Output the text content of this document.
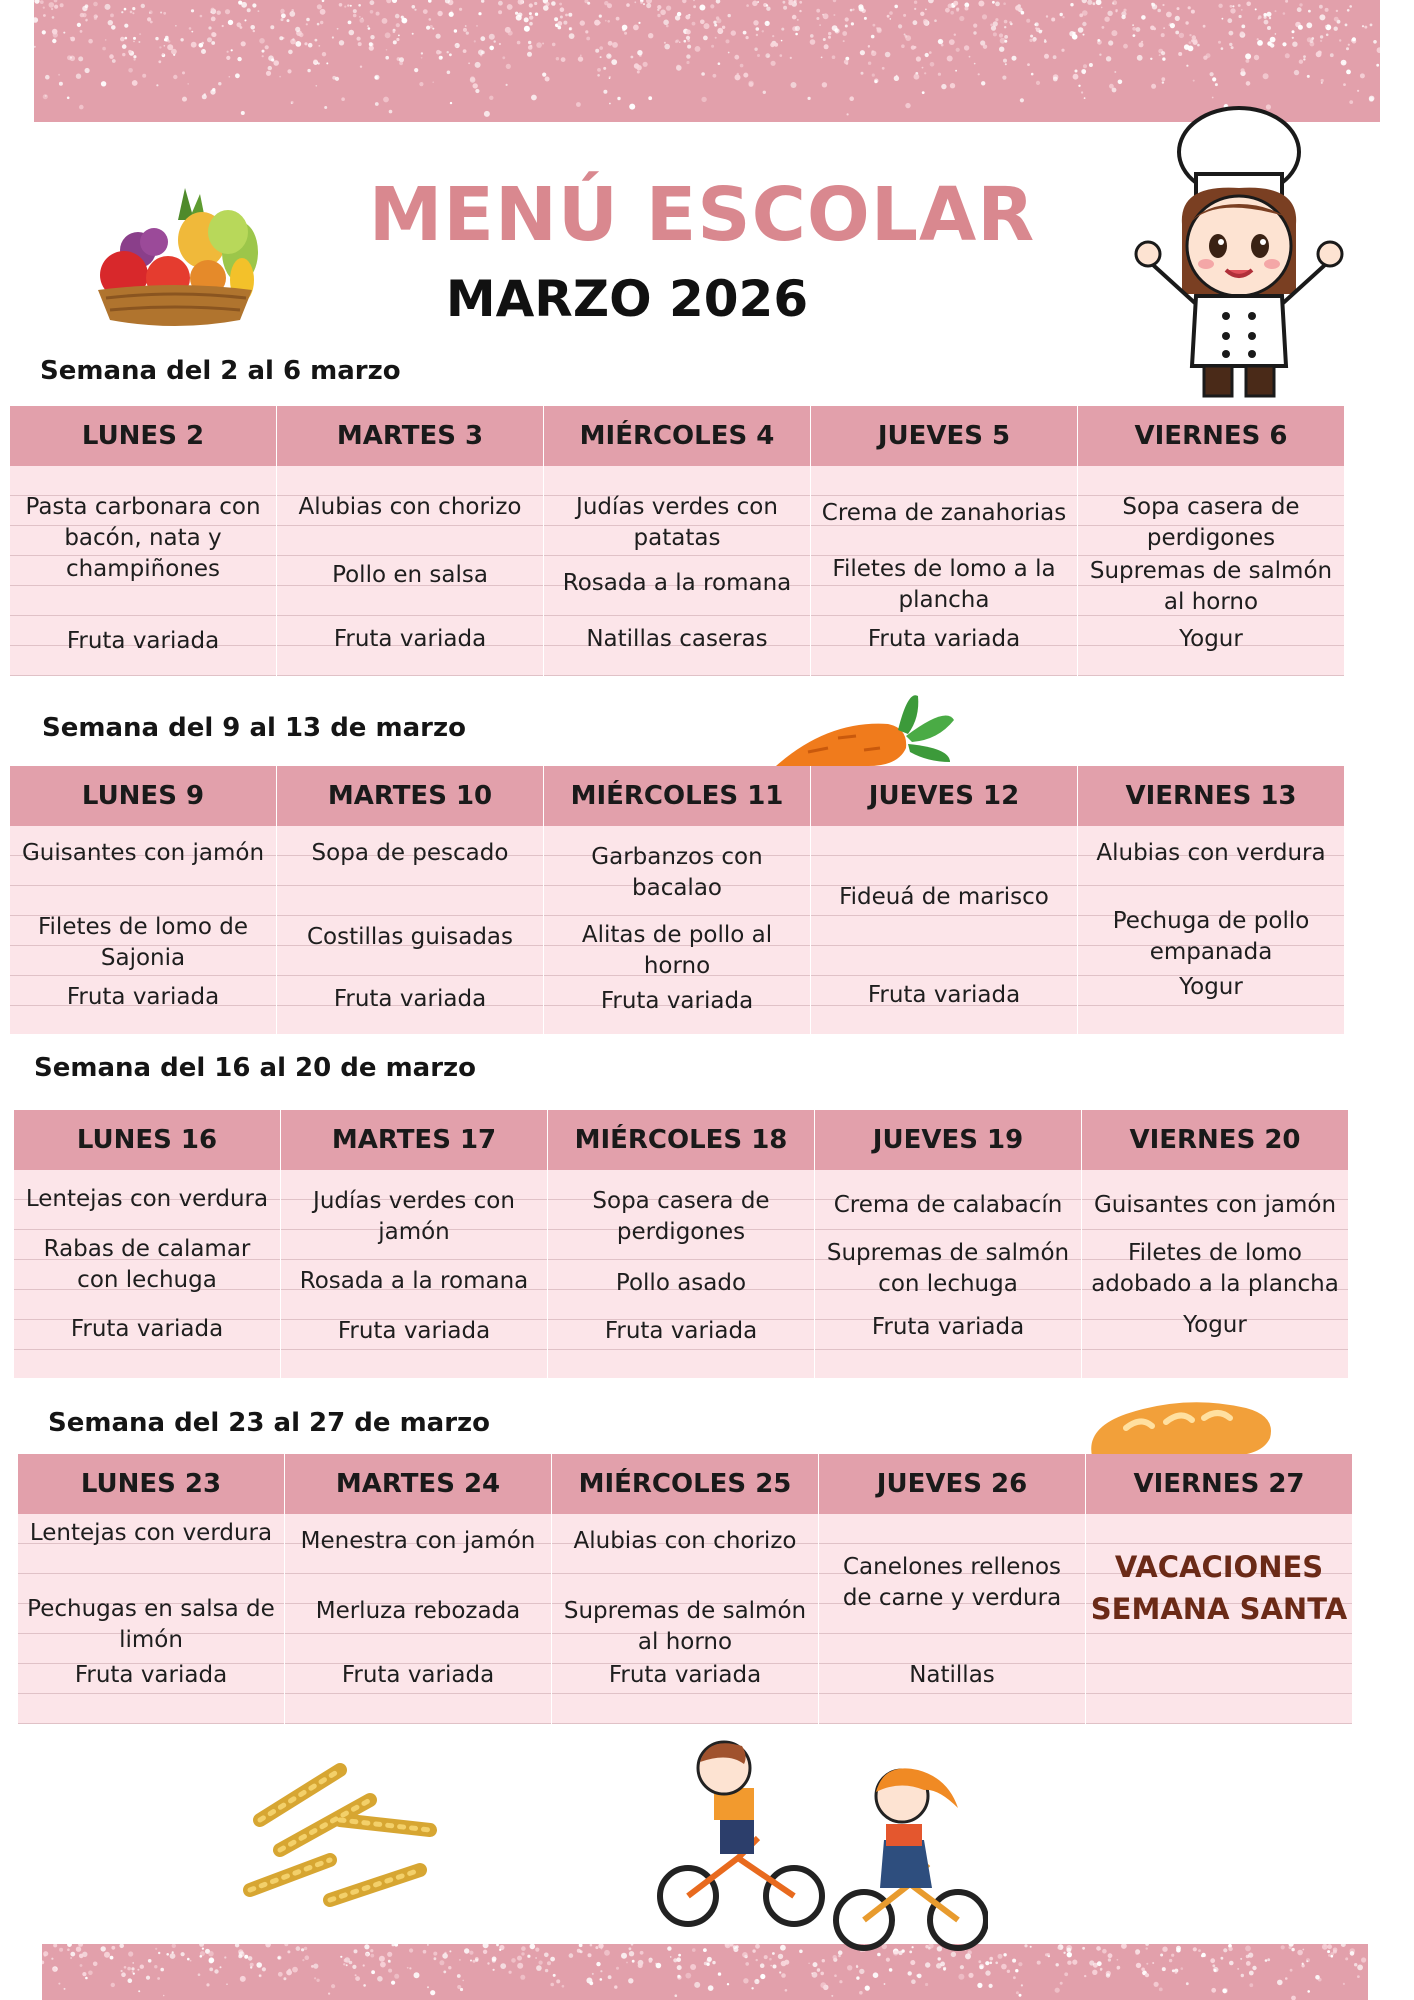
MENÚ ESCOLAR
MARZO 2026
Semana del 2 al 6 marzo
LUNES 2
Pasta carbonara con bacón, nata y champiñones
Fruta variada
MARTES 3
Alubias con chorizo
Pollo en salsa
Fruta variada
MIÉRCOLES 4
Judías verdes con patatas
Rosada a la romana
Natillas caseras
JUEVES 5
Crema de zanahorias
Filetes de lomo a la plancha
Fruta variada
VIERNES 6
Sopa casera de perdigones
Supremas de salmón al horno
Yogur
Semana del 9 al 13 de marzo
LUNES 9
Guisantes con jamón
Filetes de lomo de Sajonia
Fruta variada
MARTES 10
Sopa de pescado
Costillas guisadas
Fruta variada
MIÉRCOLES 11
Garbanzos con bacalao
Alitas de pollo al horno
Fruta variada
JUEVES 12
Fideuá de marisco
Fruta variada
VIERNES 13
Alubias con verdura
Pechuga de pollo empanada
Yogur
Semana del 16 al 20 de marzo
LUNES 16
Lentejas con verdura
Rabas de calamar con lechuga
Fruta variada
MARTES 17
Judías verdes con jamón
Rosada a la romana
Fruta variada
MIÉRCOLES 18
Sopa casera de perdigones
Pollo asado
Fruta variada
JUEVES 19
Crema de calabacín
Supremas de salmón con lechuga
Fruta variada
VIERNES 20
Guisantes con jamón
Filetes de lomo adobado a la plancha
Yogur
Semana del 23 al 27 de marzo
LUNES 23
Lentejas con verdura
Pechugas en salsa de limón
Fruta variada
MARTES 24
Menestra con jamón
Merluza rebozada
Fruta variada
MIÉRCOLES 25
Alubias con chorizo
Supremas de salmón al horno
Fruta variada
JUEVES 26
Canelones rellenos de carne y verdura
Natillas
VIERNES 27
VACACIONES SEMANA SANTA
